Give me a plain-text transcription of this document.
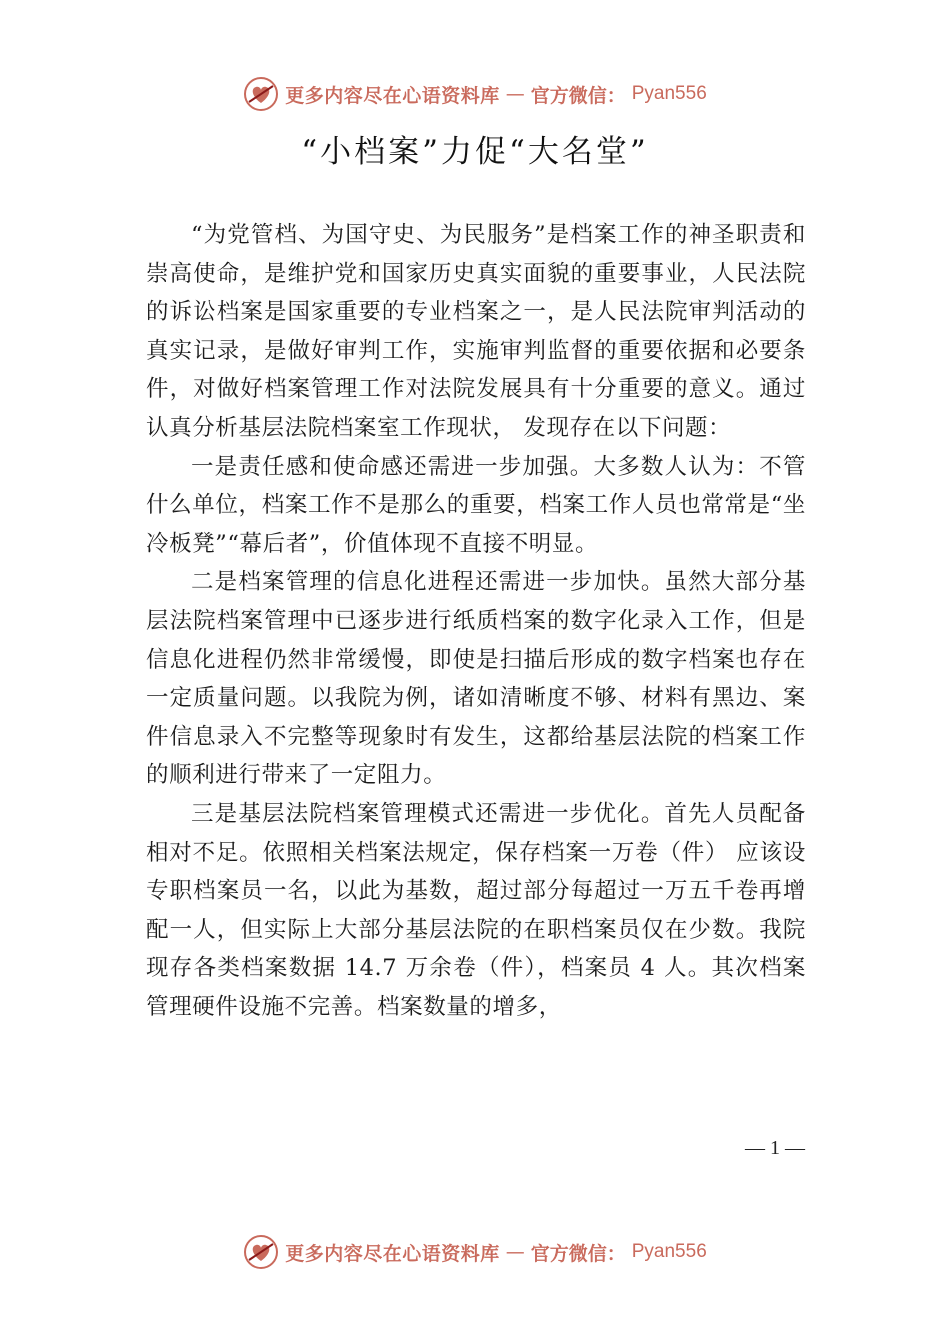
更多内容尽在心语资料库 — 官方微信： Pyan556
“小档案”力促“大名堂”

“为党管档、为国守史、为民服务”是档案工作的神圣职责和崇高使命，是维护党和国家历史真实面貌的重要事业，人民法院的诉讼档案是国家重要的专业档案之一，是人民法院审判活动的真实记录，是做好审判工作，实施审判监督的重要依据和必要条件，对做好档案管理工作对法院发展具有十分重要的意义。通过认真分析基层法院档案室工作现状， 发现存在以下问题：

一是责任感和使命感还需进一步加强。大多数人认为：不管什么单位，档案工作不是那么的重要，档案工作人员也常常是“坐冷板凳”“幕后者”，价值体现不直接不明显。

二是档案管理的信息化进程还需进一步加快。虽然大部分基层法院档案管理中已逐步进行纸质档案的数字化录入工作，但是信息化进程仍然非常缓慢，即使是扫描后形成的数字档案也存在一定质量问题。以我院为例，诸如清晰度不够、材料有黑边、案件信息录入不完整等现象时有发生，这都给基层法院的档案工作的顺利进行带来了一定阻力。

三是基层法院档案管理模式还需进一步优化。首先人员配备相对不足。依照相关档案法规定，保存档案一万卷（件） 应该设专职档案员一名，以此为基数，超过部分每超过一万五千卷再增配一人，但实际上大部分基层法院的在职档案员仅在少数。我院现存各类档案数据 14.7 万余卷（件），档案员 4 人。其次档案管理硬件设施不完善。档案数量的增多，

— 1 —
更多内容尽在心语资料库 — 官方微信： Pyan556
